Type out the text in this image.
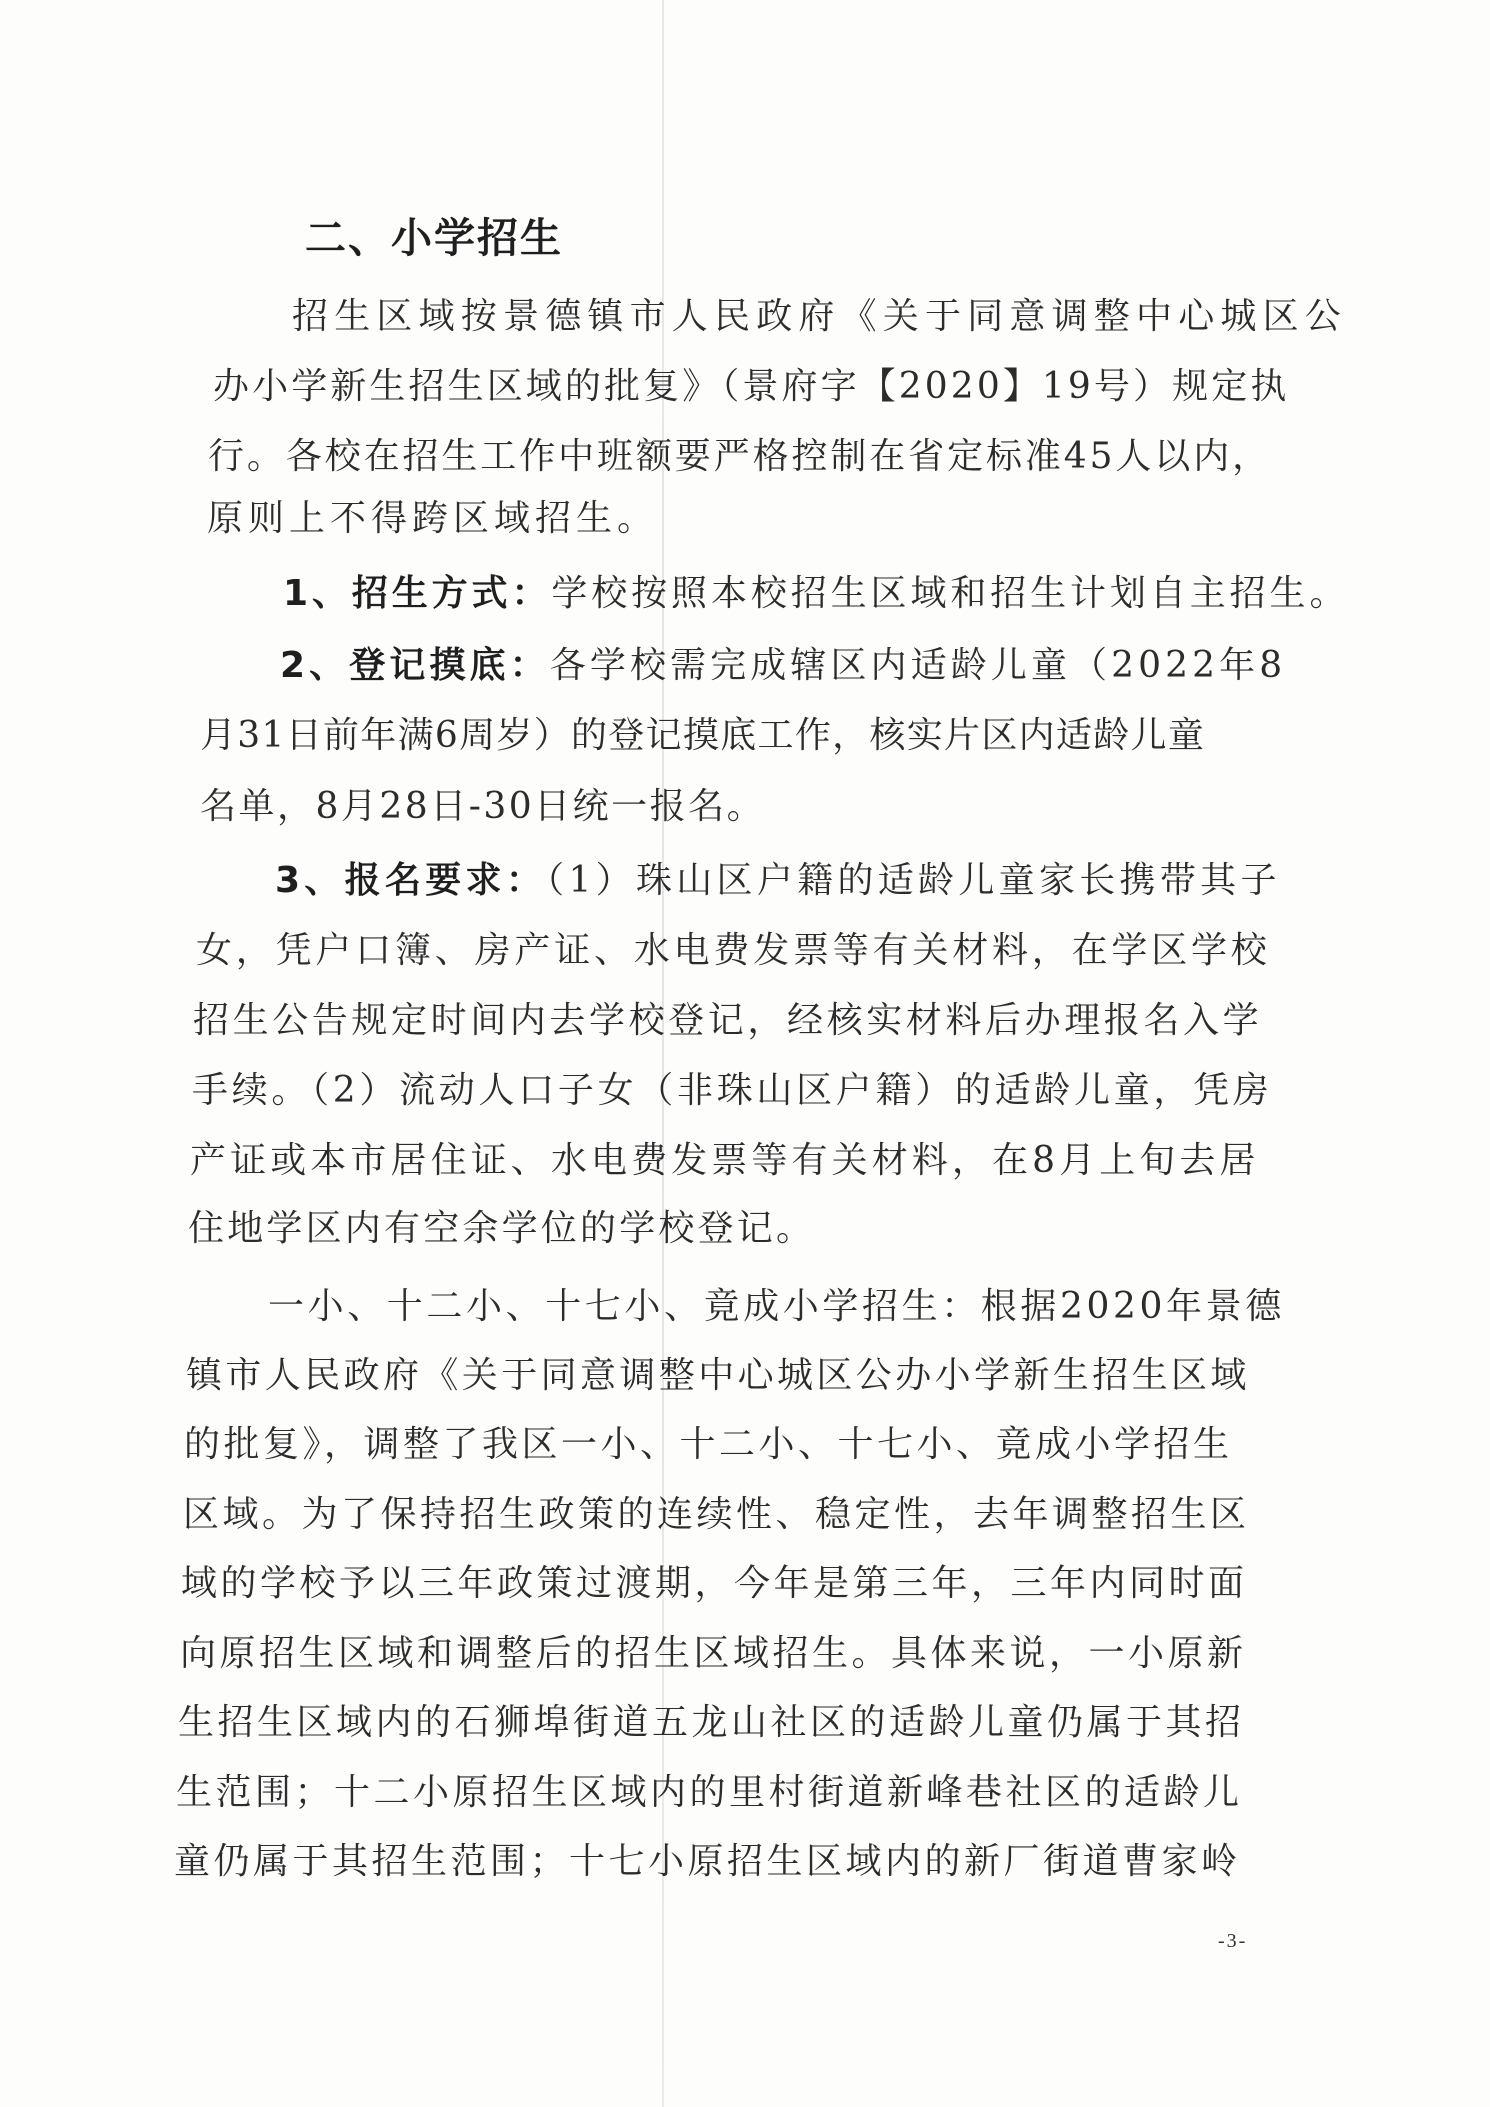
二、小学招生
招生区域按景德镇市人民政府《关于同意调整中心城区公
办小学新生招生区域的批复》（景府字【2020】19号）规定执
行。各校在招生工作中班额要严格控制在省定标准45人以内，
原则上不得跨区域招生。
1、招生方式：学校按照本校招生区域和招生计划自主招生。
2、登记摸底：各学校需完成辖区内适龄儿童（2022年8
月31日前年满6周岁）的登记摸底工作，核实片区内适龄儿童
名单，8月28日-30日统一报名。
3、报名要求：（1）珠山区户籍的适龄儿童家长携带其子
女，凭户口簿、房产证、水电费发票等有关材料，在学区学校
招生公告规定时间内去学校登记，经核实材料后办理报名入学
手续。（2）流动人口子女（非珠山区户籍）的适龄儿童，凭房
产证或本市居住证、水电费发票等有关材料，在8月上旬去居
住地学区内有空余学位的学校登记。
一小、十二小、十七小、竟成小学招生：根据2020年景德
镇市人民政府《关于同意调整中心城区公办小学新生招生区域
的批复》，调整了我区一小、十二小、十七小、竟成小学招生
区域。为了保持招生政策的连续性、稳定性，去年调整招生区
域的学校予以三年政策过渡期，今年是第三年，三年内同时面
向原招生区域和调整后的招生区域招生。具体来说，一小原新
生招生区域内的石狮埠街道五龙山社区的适龄儿童仍属于其招
生范围；十二小原招生区域内的里村街道新峰巷社区的适龄儿
童仍属于其招生范围；十七小原招生区域内的新厂街道曹家岭
-3-
